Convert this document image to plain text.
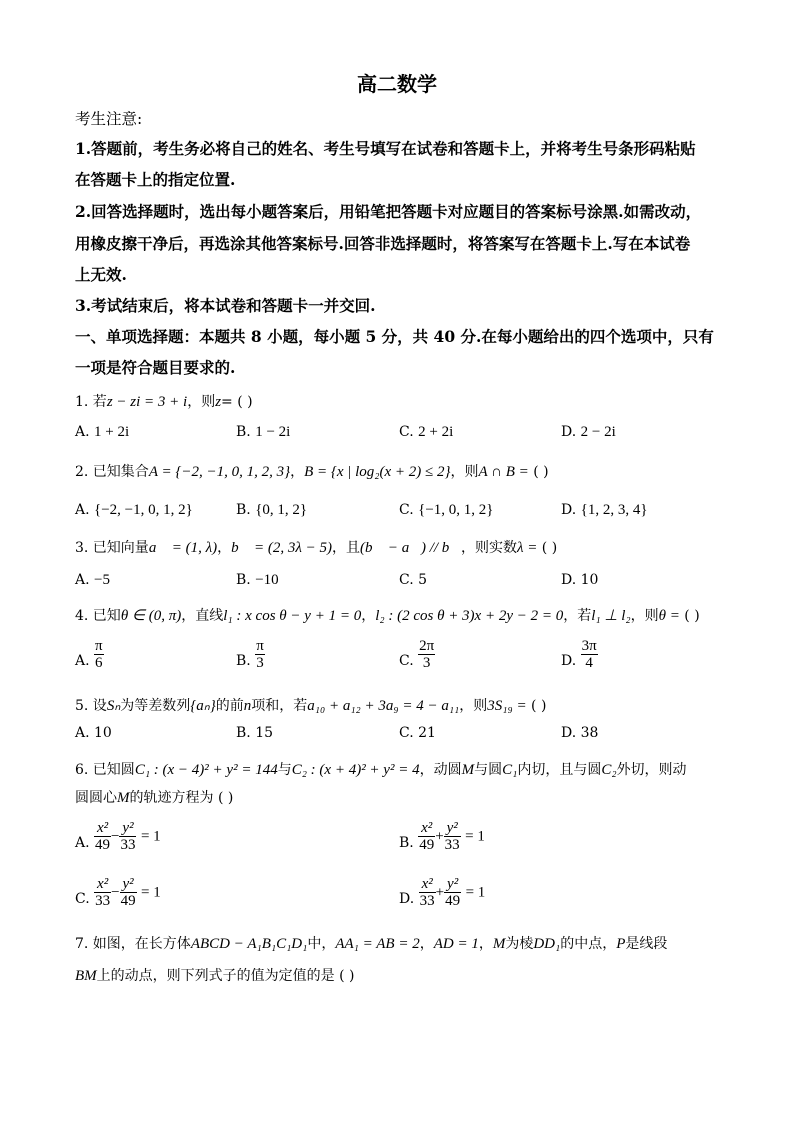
高二数学
考生注意:
1.答题前，考生务必将自己的姓名、考生号填写在试卷和答题卡上，并将考生号条形码粘贴
在答题卡上的指定位置.
2.回答选择题时，选出每小题答案后，用铅笔把答题卡对应题目的答案标号涂黑.如需改动，
用橡皮擦干净后，再选涂其他答案标号.回答非选择题时，将答案写在答题卡上.写在本试卷
上无效.
3.考试结束后，将本试卷和答题卡一并交回.
一、单项选择题：本题共 8 小题，每小题 5 分，共 40 分.在每小题给出的四个选项中，只有
一项是符合题目要求的.
1. 若z − zi = 3 + i，则z= ( )
A. 1 + 2i	B. 1 − 2i	C. 2 + 2i	D. 2 − 2i
2. 已知集合A = {−2, −1, 0, 1, 2, 3}，B = {x | log₂(x + 2) ≤ 2}，则A ∩ B = ( )
A. {−2, −1, 0, 1, 2}	B. {0, 1, 2}	C. {−1, 0, 1, 2}	D. {1, 2, 3, 4}
3. 已知向量a⃗ = (1, λ)，b⃗ = (2, 3λ − 5)，且(b⃗ − a⃗) // b⃗，则实数λ = ( )
A. −5	B. −10	C. 5	D. 10
4. 已知θ ∈ (0, π)，直线l₁ : x cos θ − y + 1 = 0，l₂ : (2 cos θ + 3)x + 2y − 2 = 0，若l₁ ⊥ l₂，则θ = ( )
A. $\frac{\pi}{6}$	B. $\frac{\pi}{3}$	C. $\frac{2\pi}{3}$	D. $\frac{3\pi}{4}$
5. 设Sₙ为等差数列{aₙ}的前n项和，若a₁₀ + a₁₂ + 3a₉ = 4 − a₁₁，则3S₁₉ = ( )
A. 10	B. 15	C. 21	D. 38
6. 已知圆C₁ : (x − 4)² + y² = 144与C₂ : (x + 4)² + y² = 4，动圆M与圆C₁内切，且与圆C₂外切，则动
圆圆心M的轨迹方程为 ( )
A. $\frac{\text{x²}}{49} - \frac{\text{y²}}{33} = 1$	B. $\frac{\text{x²}}{49} + \frac{\text{y²}}{33} = 1$
C. $\frac{\text{x²}}{33} - \frac{\text{y²}}{49} = 1$	D. $\frac{\text{x²}}{33} + \frac{\text{y²}}{49} = 1$
7. 如图，在长方体ABCD − A₁B₁C₁D₁中，AA₁ = AB = 2，AD = 1，M为棱DD₁的中点，P是线段
BM上的动点，则下列式子的值为定值的是 ( )
